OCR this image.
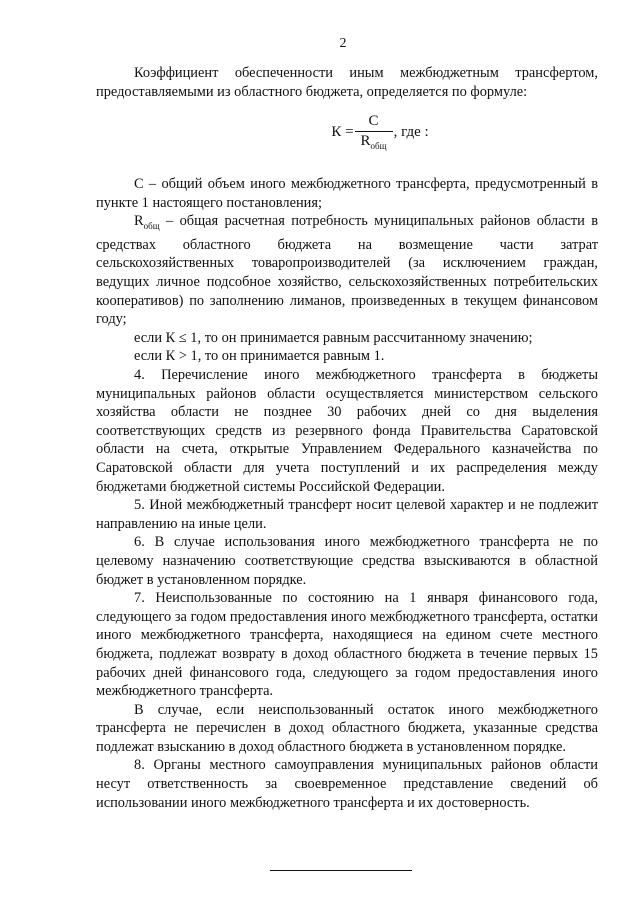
2

Коэффициент обеспеченности иным межбюджетным трансфертом, предоставляемыми из областного бюджета, определяется по формуле:

$К = \frac{С}{R_{общ}}$ , где :

С – общий объем иного межбюджетного трансферта, предусмотренный в пункте 1 настоящего постановления;

$R_{общ}$ – общая расчетная потребность муниципальных районов области в средствах областного бюджета на возмещение части затрат сельскохозяйственных товаропроизводителей (за исключением граждан, ведущих личное подсобное хозяйство, сельскохозяйственных потребительских кооперативов) по заполнению лиманов, произведенных в текущем финансовом году;

если К ≤ 1, то он принимается равным рассчитанному значению;

если К > 1, то он принимается равным 1.

4. Перечисление иного межбюджетного трансферта в бюджеты муниципальных районов области осуществляется министерством сельского хозяйства области не позднее 30 рабочих дней со дня выделения соответствующих средств из резервного фонда Правительства Саратовской области на счета, открытые Управлением Федерального казначейства по Саратовской области для учета поступлений и их распределения между бюджетами бюджетной системы Российской Федерации.

5. Иной межбюджетный трансферт носит целевой характер и не подлежит направлению на иные цели.

6. В случае использования иного межбюджетного трансферта не по целевому назначению соответствующие средства взыскиваются в областной бюджет в установленном порядке.

7. Неиспользованные по состоянию на 1 января финансового года, следующего за годом предоставления иного межбюджетного трансферта, остатки иного межбюджетного трансферта, находящиеся на едином счете местного бюджета, подлежат возврату в доход областного бюджета в течение первых 15 рабочих дней финансового года, следующего за годом предоставления иного межбюджетного трансферта.

В случае, если неиспользованный остаток иного межбюджетного трансферта не перечислен в доход областного бюджета, указанные средства подлежат взысканию в доход областного бюджета в установленном порядке.

8. Органы местного самоуправления муниципальных районов области несут ответственность за своевременное представление сведений об использовании иного межбюджетного трансферта и их достоверность.
